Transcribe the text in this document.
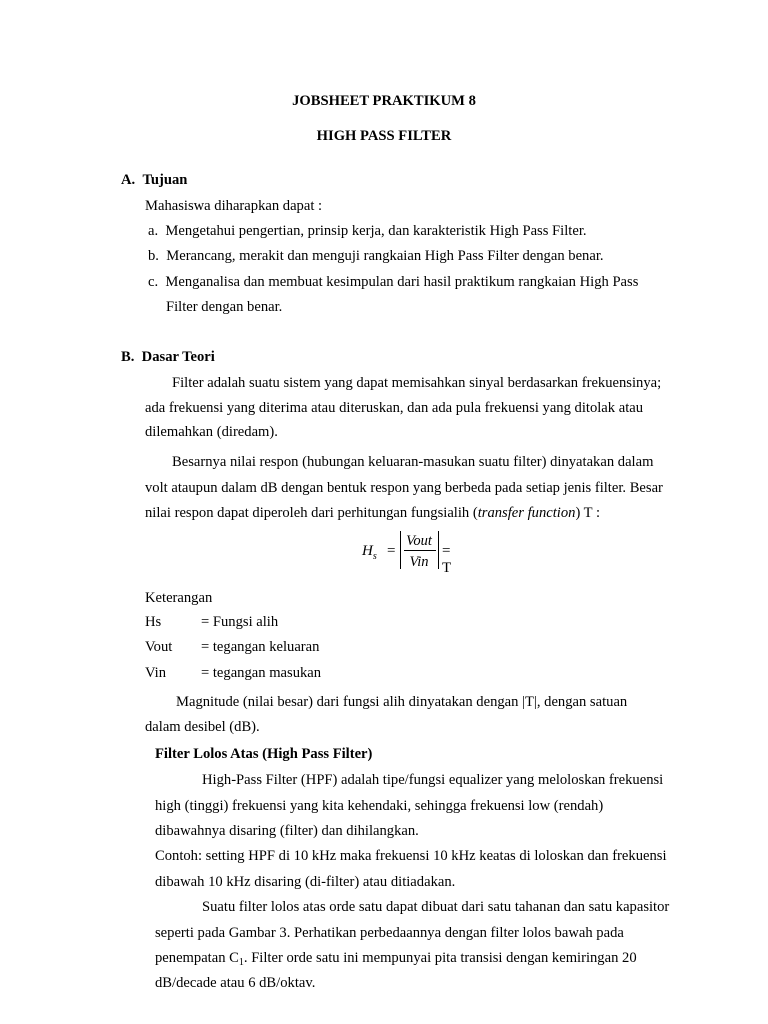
JOBSHEET PRAKTIKUM 8
HIGH PASS FILTER
A.  Tujuan
Mahasiswa diharapkan dapat :
a.  Mengetahui pengertian, prinsip kerja, dan karakteristik High Pass Filter.
b.  Merancang, merakit dan menguji rangkaian High Pass Filter dengan benar.
c.  Menganalisa dan membuat kesimpulan dari hasil praktikum rangkaian High Pass
Filter dengan benar.
B.  Dasar Teori
Filter adalah suatu sistem yang dapat memisahkan sinyal berdasarkan frekuensinya;
ada frekuensi yang diterima atau diteruskan, dan ada pula frekuensi yang ditolak atau
dilemahkan (diredam).
Besarnya nilai respon (hubungan keluaran-masukan suatu filter) dinyatakan dalam
volt ataupun dalam dB dengan bentuk respon yang berbeda pada setiap jenis filter. Besar
nilai respon dapat diperoleh dari perhitungan fungsialih (transfer function) T :
$H_s$ =
Vout
Vin
= T
Keterangan
Hs	= Fungsi alih
Vout = tegangan keluaran
Vin = tegangan masukan
Magnitude (nilai besar) dari fungsi alih dinyatakan dengan |T|, dengan satuan
dalam desibel (dB).
Filter Lolos Atas (High Pass Filter)
High-Pass Filter (HPF) adalah tipe/fungsi equalizer yang meloloskan frekuensi
high (tinggi) frekuensi yang kita kehendaki, sehingga frekuensi low (rendah)
dibawahnya disaring (filter) dan dihilangkan.
Contoh: setting HPF di 10 kHz maka frekuensi 10 kHz keatas di loloskan dan frekuensi
dibawah 10 kHz disaring (di-filter) atau ditiadakan.
Suatu filter lolos atas orde satu dapat dibuat dari satu tahanan dan satu kapasitor
seperti pada Gambar 3. Perhatikan perbedaannya dengan filter lolos bawah pada
penempatan $C_1$. Filter orde satu ini mempunyai pita transisi dengan kemiringan 20
dB/decade atau 6 dB/oktav.
